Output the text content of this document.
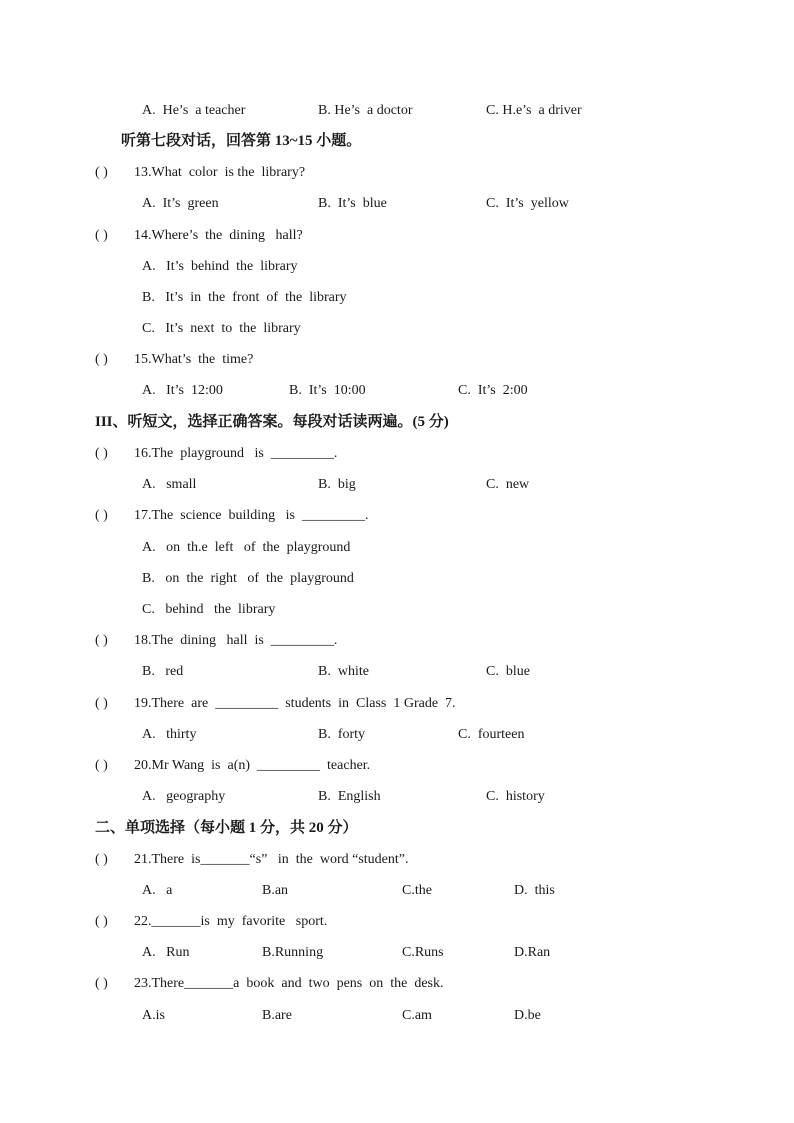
A.  He’s  a teacher	B. He’s  a doctor	C. H.e’s  a driver
听第七段对话，回答第 13~15 小题。
( ) 13.What  color  is the  library?
A.  It’s  green	B.  It’s  blue	C.  It’s  yellow
( ) 14.Where’s  the  dining   hall?
A.   It’s  behind  the  library
B.   It’s  in  the  front  of  the  library
C.   It’s  next  to  the  library
( ) 15.What’s  the  time?
A.   It’s  12:00	B.  It’s  10:00	C.  It’s  2:00
III、听短文，选择正确答案。每段对话读两遍。(5 分)
( ) 16.The  playground   is  _________.
A.   small	B.  big	C.  new
( ) 17.The  science  building   is  _________.
A.   on  th.e  left   of  the  playground
B.   on  the  right   of  the  playground
C.   behind   the  library
( ) 18.The  dining   hall  is  _________.
B.   red	B.  white	C.  blue
( ) 19.There  are  _________  students  in  Class  1 Grade  7.
A.   thirty	B.  forty	C.  fourteen
( ) 20.Mr Wang  is  a(n)  _________  teacher.
A.   geography	B.  English	C.  history
二、单项选择（每小题 1 分，共 20 分）
( ) 21.There  is_______“s”   in  the  word “student”.
A.   a	B.an	C.the	D.  this
( ) 22._______is  my  favorite   sport.
A.   Run	B.Running	C.Runs	D.Ran
( ) 23.There_______a  book  and  two  pens  on  the  desk.
A.is	B.are	C.am	D.be
